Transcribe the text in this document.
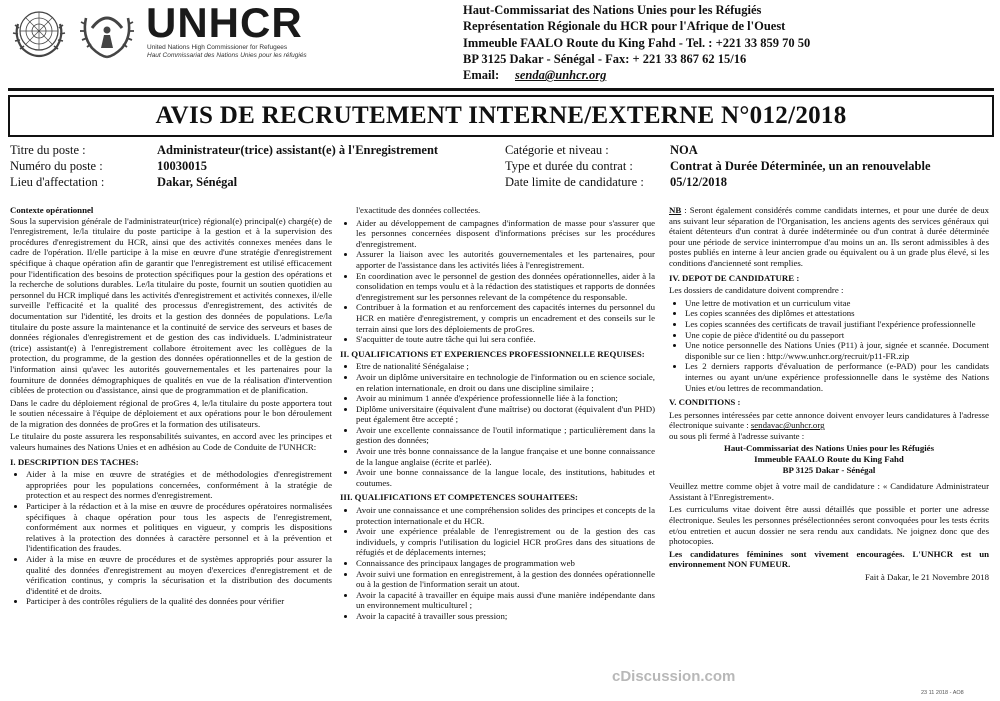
UNHCR
United Nations High Commissioner for Refugees
Haut Commissariat des Nations Unies pour les réfugiés
Haut-Commissariat des Nations Unies pour les Réfugiés
Représentation Régionale du HCR pour l'Afrique de l'Ouest
Immeuble FAALO Route du King Fahd - Tel. : +221 33 859 70 50
BP 3125 Dakar - Sénégal - Fax: + 221 33 867 62 15/16
Email: senda@unhcr.org
AVIS DE RECRUTEMENT INTERNE/EXTERNE N°012/2018
Titre du poste :	Administrateur(trice) assistant(e) à l'Enregistrement
Numéro du poste :	10030015
Lieu d'affectation :	Dakar, Sénégal
Catégorie et niveau :	NOA
Type et durée du contrat :	Contrat à Durée Déterminée, un an renouvelable
Date limite de candidature : 05/12/2018
Contexte opérationnel

Sous la supervision générale de l'administrateur(trice) régional(e) principal(e) chargé(e) de l'enregistrement, le/la titulaire du poste participe à la gestion et à la supervision des procédures d'enregistrement du HCR, ainsi que des activités connexes menées dans le cadre de l'opération. Il/elle participe à la mise en œuvre d'une stratégie d'enregistrement spécifique à chaque opération afin de garantir que l'enregistrement est utilisé efficacement pour l'identification des besoins de protection spécifiques pour la gestion des opérations et la recherche de solutions durables. Le/la titulaire du poste, fournit un soutien quotidien au personnel du HCR impliqué dans les activités d'enregistrement et activités connexes, il/elle surveille l'efficacité et la qualité des processus d'enregistrement, des activités de documentation sur l'identité, les droits et la gestion des données de populations. Le/la titulaire du poste assure la maintenance et la continuité de service des serveurs et bases de données régionales d'enregistrement et de gestion des cas individuels. L'administrateur (trice) assistant(e) à l'enregistrement collabore étroitement avec les collègues de la protection, du programme, de la gestion des données opérationnelles et de la gestion de l'information ainsi qu'avec les autorités gouvernementales et les partenaires pour la fourniture de données démographiques de qualités en vue de la réalisation d'intervention ciblées de protection ou d'assistance, ainsi que de programmation et de planification.

Dans le cadre du déploiement régional de proGres 4, le/la titulaire du poste apportera tout le soutien nécessaire à l'équipe de déploiement et aux opérations pour le bon déroulement de la migration des données de proGres et la formation des utilisateurs.

Le titulaire du poste assurera les responsabilités suivantes, en accord avec les principes et valeurs humaines des Nations Unies et en adhésion au Code de Conduite de l'UNHCR:

I. DESCRIPTION DES TACHES:
• Aider à la mise en œuvre de stratégies et de méthodologies d'enregistrement appropriées pour les populations concernées, conformément à la stratégie de protection et au respect des normes d'enregistrement.
• Participer à la rédaction et à la mise en œuvre de procédures opératoires normalisées spécifiques à chaque opération pour tous les aspects de l'enregistrement, conformément aux normes et politiques en vigueur, y compris les dispositions relatives à la protection des données à caractère personnel et à la prévention et l'identification des fraudes.
• Aider à la mise en œuvre de procédures et de systèmes appropriés pour assurer la qualité des données d'enregistrement au moyen d'exercices d'enregistrement et de vérification continus, y compris la sécurisation et la distribution des documents d'identité et de droits.
• Participer à des contrôles réguliers de la qualité des données pour vérifier

l'exactitude des données collectées.

• Aider au développement de campagnes d'information de masse pour s'assurer que les personnes concernées disposent d'informations précises sur les procédures d'enregistrement.
• Assurer la liaison avec les autorités gouvernementales et les partenaires, pour apporter de l'assistance dans les activités liées à l'enregistrement.
• En coordination avec le personnel de gestion des données opérationnelles, aider à la consolidation en temps voulu et à la rédaction des statistiques et rapports de données d'enregistrement sur les personnes relevant de la compétence du responsable.
• Contribuer à la formation et au renforcement des capacités internes du personnel du HCR en matière d'enregistrement, y compris un encadrement et des conseils sur le terrain ainsi que lors des déploiements de proGres.
• S'acquitter de toute autre tâche qui lui sera confiée.
II. QUALIFICATIONS ET EXPERIENCES PROFESSIONNELLE REQUISES:
• Etre de nationalité Sénégalaise ;
• Avoir un diplôme universitaire en technologie de l'information ou en science sociale, en relation internationale, en droit ou dans une discipline similaire ;
• Avoir au minimum 1 année d'expérience professionnelle liée à la fonction;
• Diplôme universitaire (équivalent d'une maîtrise) ou doctorat (équivalent d'un PHD) peut également être accepté ;
• Avoir une excellente connaissance de l'outil informatique ; particulièrement dans la gestion des données;
• Avoir une très bonne connaissance de la langue française et une bonne connaissance de la langue anglaise (écrite et parlée).
• Avoir une bonne connaissance de la langue locale, des institutions, habitudes et coutumes.
III. QUALIFICATIONS ET COMPETENCES SOUHAITEES:
• Avoir une connaissance et une compréhension solides des principes et concepts de la protection internationale et du HCR.
• Avoir une expérience préalable de l'enregistrement ou de la gestion des cas individuels, y compris l'utilisation du logiciel HCR proGres dans des situations de réfugiés et de déplacements internes;
• Connaissance des principaux langages de programmation web
• Avoir suivi une formation en enregistrement, à la gestion des données opérationnelle ou à la gestion de l'information serait un atout.
• Avoir la capacité à travailler en équipe mais aussi d'une manière indépendante dans un environnement multiculturel ;
• Avoir la capacité à travailler sous pression;

NB : Seront également considérés comme candidats internes, et pour une durée de deux ans suivant leur séparation de l'Organisation, les anciens agents des services généraux qui étaient détenteurs d'un contrat à durée indéterminée ou d'un contrat à durée déterminée pour une période de service ininterrompue d'au moins un an. Ils seront admissibles à des postes publiés en interne à leur ancien grade ou équivalent ou à un grade plus élevé, si les conditions d'ancienneté sont remplies.

IV. DEPOT DE CANDIDATURE :

Les dossiers de candidature doivent comprendre :

• Une lettre de motivation et un curriculum vitae
• Les copies scannées des diplômes et attestations
• Les copies scannées des certificats de travail justifiant l'expérience professionnelle
• Une copie de pièce d'identité ou du passeport
• Une notice personnelle des Nations Unies (P11) à jour, signée et scannée. Document disponible sur ce lien : http://www.unhcr.org/recruit/p11-FR.zip
• Les 2 derniers rapports d'évaluation de performance (e-PAD) pour les candidats internes ou ayant un/une expérience professionnelle dans le système des Nations Unies et/ou lettres de recommandation.
V. CONDITIONS :

Les personnes intéressées par cette annonce doivent envoyer leurs candidatures à l'adresse électronique suivante : sendavac@unhcr.org
ou sous pli fermé à l'adresse suivante :

Haut-Commissariat des Nations Unies pour les Réfugiés
Immeuble FAALO Route du King Fahd
BP 3125 Dakar - Sénégal

Veuillez mettre comme objet à votre mail de candidature : « Candidature Administrateur Assistant à l'Enregistrement».

Les curriculums vitae doivent être aussi détaillés que possible et porter une adresse électronique. Seules les personnes présélectionnées seront convoquées pour les tests écrits et/ou entretien et aucun dossier ne sera rendu aux candidats. Ne joignez donc que des photocopies.

Les candidatures féminines sont vivement encouragées. L'UNHCR est un environnement NON FUMEUR.

Fait à Dakar, le 21 Novembre 2018

cDiscussion.com
23 11 2018 - AO8
